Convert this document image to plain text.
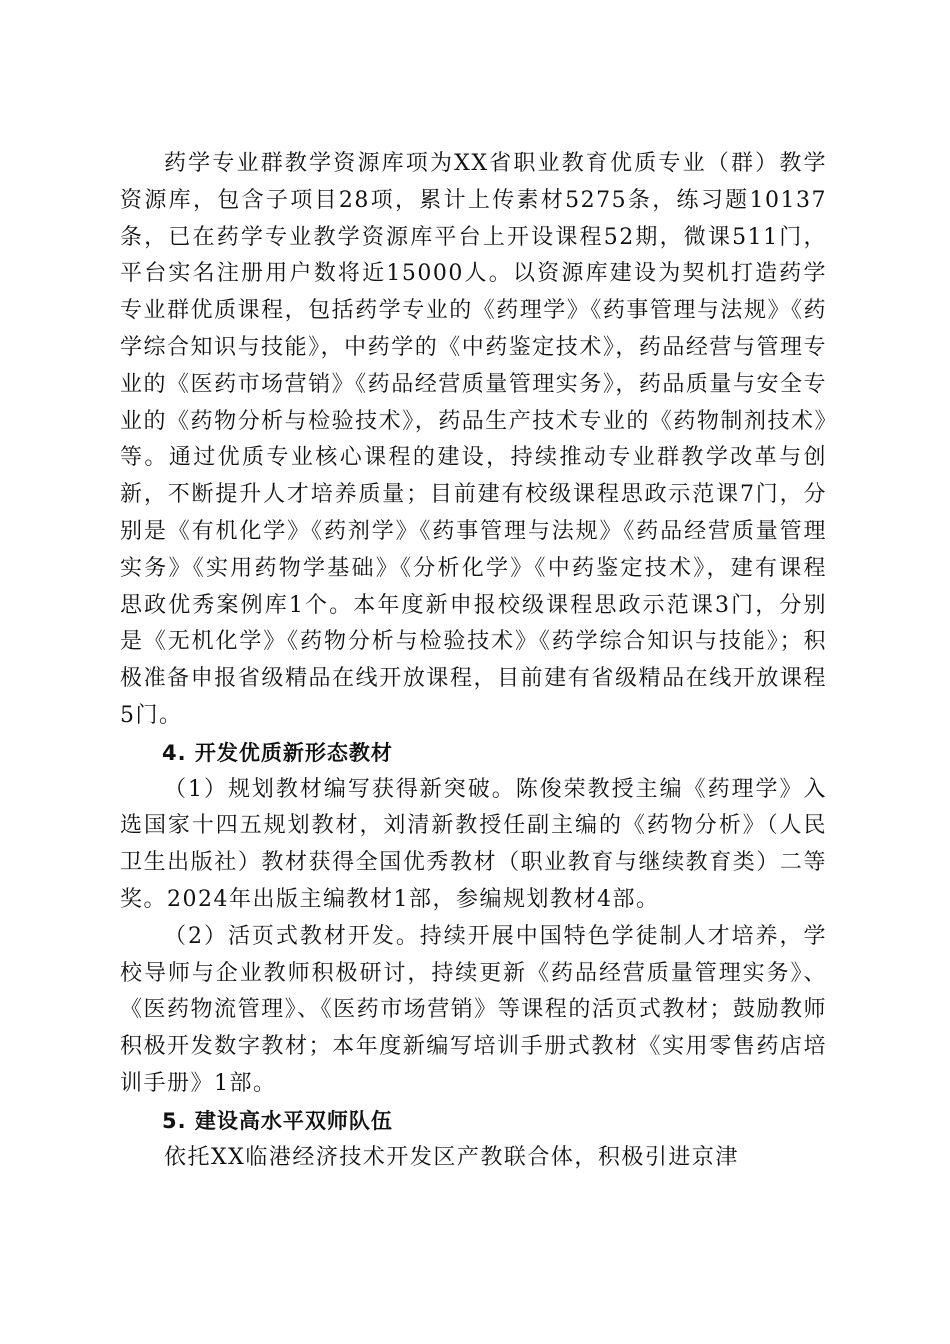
药学专业群教学资源库项为XX省职业教育优质专业（群）教学资源库，包含子项目28项，累计上传素材5275条，练习题10137条，已在药学专业教学资源库平台上开设课程52期，微课511门，平台实名注册用户数将近15000人。以资源库建设为契机打造药学专业群优质课程，包括药学专业的《药理学》《药事管理与法规》《药学综合知识与技能》，中药学的《中药鉴定技术》，药品经营与管理专业的《医药市场营销》《药品经营质量管理实务》，药品质量与安全专业的《药物分析与检验技术》，药品生产技术专业的《药物制剂技术》等。通过优质专业核心课程的建设，持续推动专业群教学改革与创新，不断提升人才培养质量；目前建有校级课程思政示范课7门，分别是《有机化学》《药剂学》《药事管理与法规》《药品经营质量管理实务》《实用药物学基础》《分析化学》《中药鉴定技术》，建有课程思政优秀案例库1个。本年度新申报校级课程思政示范课3门，分别是《无机化学》《药物分析与检验技术》《药学综合知识与技能》；积极准备申报省级精品在线开放课程，目前建有省级精品在线开放课程5门。

4. 开发优质新形态教材

（1）规划教材编写获得新突破。陈俊荣教授主编《药理学》入选国家十四五规划教材，刘清新教授任副主编的《药物分析》（人民卫生出版社）教材获得全国优秀教材（职业教育与继续教育类）二等奖。2024年出版主编教材1部，参编规划教材4部。

（2）活页式教材开发。持续开展中国特色学徒制人才培养，学校导师与企业教师积极研讨，持续更新《药品经营质量管理实务》、《医药物流管理》、《医药市场营销》等课程的活页式教材；鼓励教师积极开发数字教材；本年度新编写培训手册式教材《实用零售药店培训手册》1部。

5. 建设高水平双师队伍

依托XX临港经济技术开发区产教联合体，积极引进京津
